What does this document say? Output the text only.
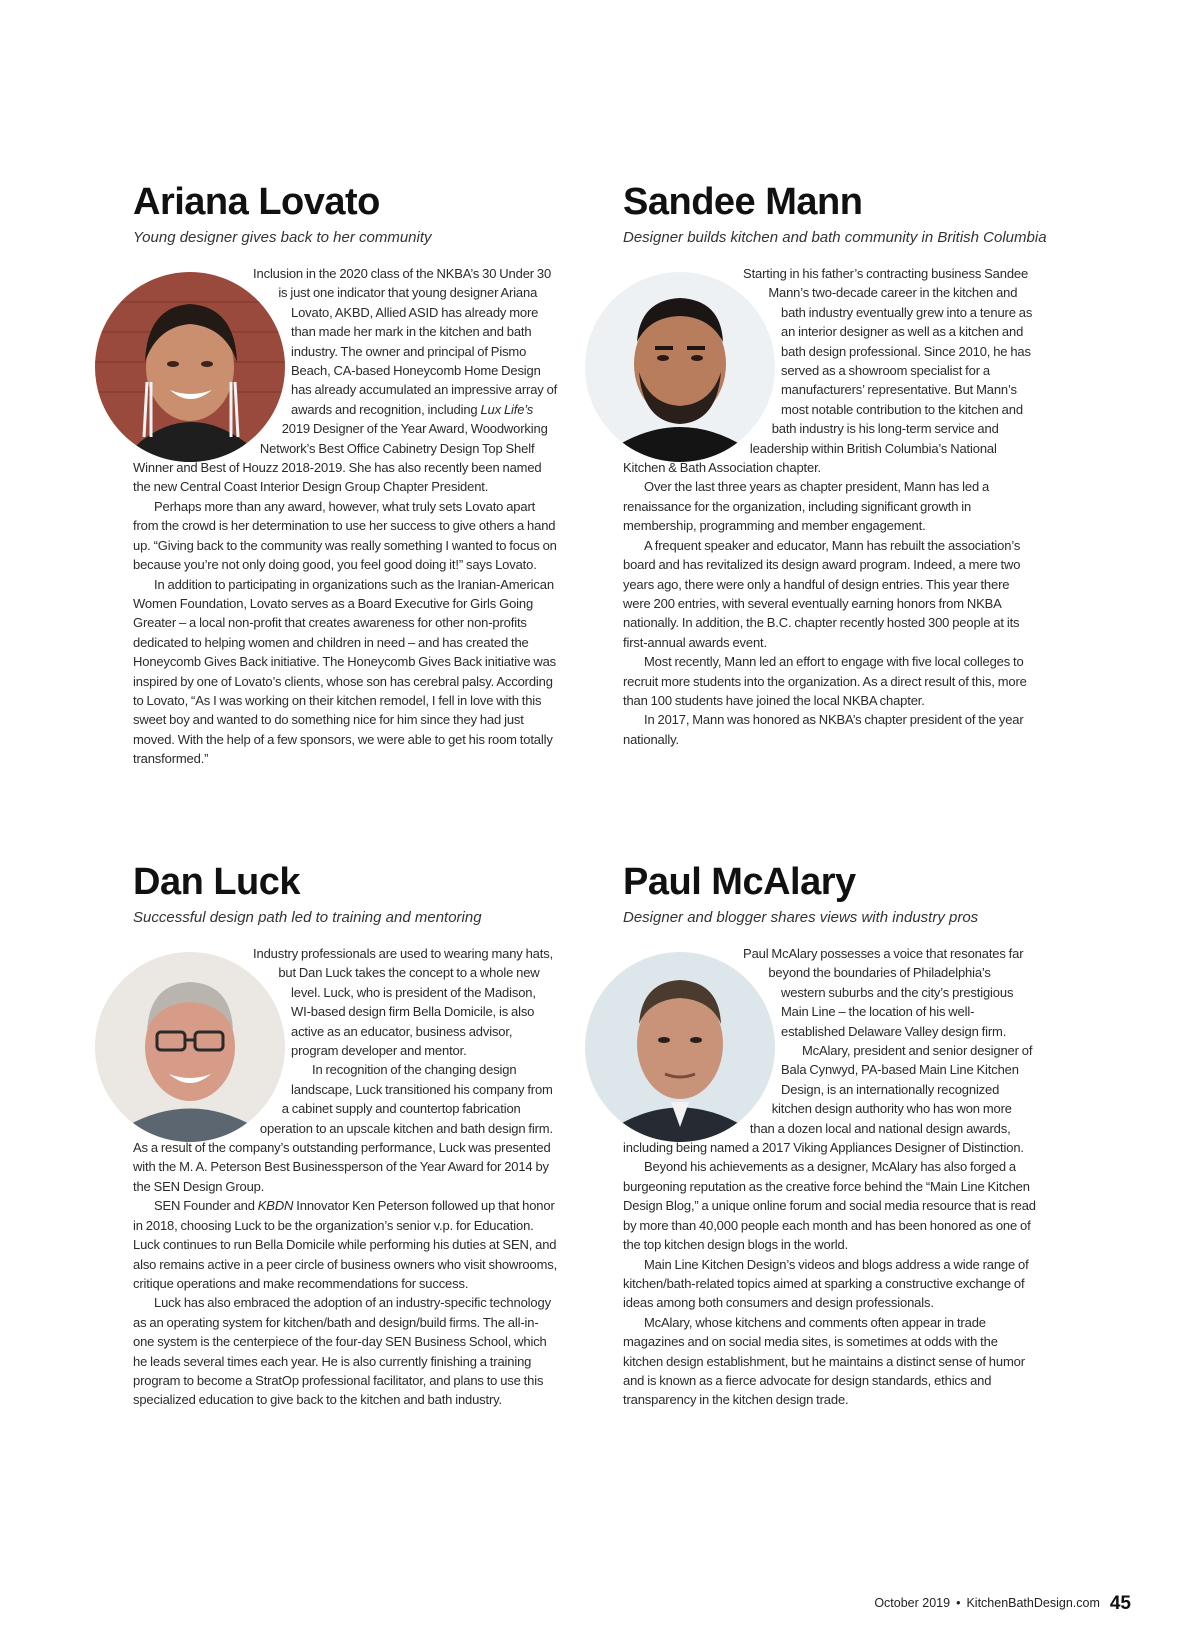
Ariana Lovato
Young designer gives back to her community

Inclusion in the 2020 class of the NKBA’s 30 Under 30 is just one indicator that young designer Ariana Lovato, AKBD, Allied ASID has already more than made her mark in the kitchen and bath industry. The owner and principal of Pismo Beach, CA-based Honeycomb Home Design has already accumulated an impressive array of awards and recognition, including Lux Life’s 2019 Designer of the Year Award, Woodworking Network’s Best Office Cabinetry Design Top Shelf Winner and Best of Houzz 2018-2019. She has also recently been named the new Central Coast Interior Design Group Chapter President.

Perhaps more than any award, however, what truly sets Lovato apart from the crowd is her determination to use her success to give others a hand up. “Giving back to the community was really something I wanted to focus on because you’re not only doing good, you feel good doing it!” says Lovato.

In addition to participating in organizations such as the Iranian-American Women Foundation, Lovato serves as a Board Executive for Girls Going Greater – a local non-profit that creates awareness for other non-profits dedicated to helping women and children in need – and has created the Honeycomb Gives Back initiative. The Honeycomb Gives Back initiative was inspired by one of Lovato’s clients, whose son has cerebral palsy. According to Lovato, “As I was working on their kitchen remodel, I fell in love with this sweet boy and wanted to do something nice for him since they had just moved. With the help of a few sponsors, we were able to get his room totally transformed.”

Sandee Mann
Designer builds kitchen and bath community in British Columbia

Starting in his father’s contracting business Sandee Mann’s two-decade career in the kitchen and bath industry eventually grew into a tenure as an interior designer as well as a kitchen and bath design professional. Since 2010, he has served as a showroom specialist for a manufacturers’ representative. But Mann’s most notable contribution to the kitchen and bath industry is his long-term service and leadership within British Columbia’s National Kitchen & Bath Association chapter.

Over the last three years as chapter president, Mann has led a renaissance for the organization, including significant growth in membership, programming and member engagement.

A frequent speaker and educator, Mann has rebuilt the association’s board and has revitalized its design award program. Indeed, a mere two years ago, there were only a handful of design entries. This year there were 200 entries, with several eventually earning honors from NKBA nationally. In addition, the B.C. chapter recently hosted 300 people at its first-annual awards event.

Most recently, Mann led an effort to engage with five local colleges to recruit more students into the organization. As a direct result of this, more than 100 students have joined the local NKBA chapter.

In 2017, Mann was honored as NKBA’s chapter president of the year nationally.

Dan Luck
Successful design path led to training and mentoring

Industry professionals are used to wearing many hats, but Dan Luck takes the concept to a whole new level. Luck, who is president of the Madison, WI-based design firm Bella Domicile, is also active as an educator, business advisor, program developer and mentor.

In recognition of the changing design landscape, Luck transitioned his company from a cabinet supply and countertop fabrication operation to an upscale kitchen and bath design firm. As a result of the company’s outstanding performance, Luck was presented with the M. A. Peterson Best Businessperson of the Year Award for 2014 by the SEN Design Group.

SEN Founder and KBDN Innovator Ken Peterson followed up that honor in 2018, choosing Luck to be the organization’s senior v.p. for Education. Luck continues to run Bella Domicile while performing his duties at SEN, and also remains active in a peer circle of business owners who visit showrooms, critique operations and make recommendations for success.

Luck has also embraced the adoption of an industry-specific technology as an operating system for kitchen/bath and design/build firms. The all-in-one system is the centerpiece of the four-day SEN Business School, which he leads several times each year. He is also currently finishing a training program to become a StratOp professional facilitator, and plans to use this specialized education to give back to the kitchen and bath industry.

Paul McAlary
Designer and blogger shares views with industry pros

Paul McAlary possesses a voice that resonates far beyond the boundaries of Philadelphia’s western suburbs and the city’s prestigious Main Line – the location of his well-established Delaware Valley design firm.

McAlary, president and senior designer of Bala Cynwyd, PA-based Main Line Kitchen Design, is an internationally recognized kitchen design authority who has won more than a dozen local and national design awards, including being named a 2017 Viking Appliances Designer of Distinction.

Beyond his achievements as a designer, McAlary has also forged a burgeoning reputation as the creative force behind the “Main Line Kitchen Design Blog,” a unique online forum and social media resource that is read by more than 40,000 people each month and has been honored as one of the top kitchen design blogs in the world.

Main Line Kitchen Design’s videos and blogs address a wide range of kitchen/bath-related topics aimed at sparking a constructive exchange of ideas among both consumers and design professionals.

McAlary, whose kitchens and comments often appear in trade magazines and on social media sites, is sometimes at odds with the kitchen design establishment, but he maintains a distinct sense of humor and is known as a fierce advocate for design standards, ethics and transparency in the kitchen design trade.

October 2019 • KitchenBathDesign.com 45
